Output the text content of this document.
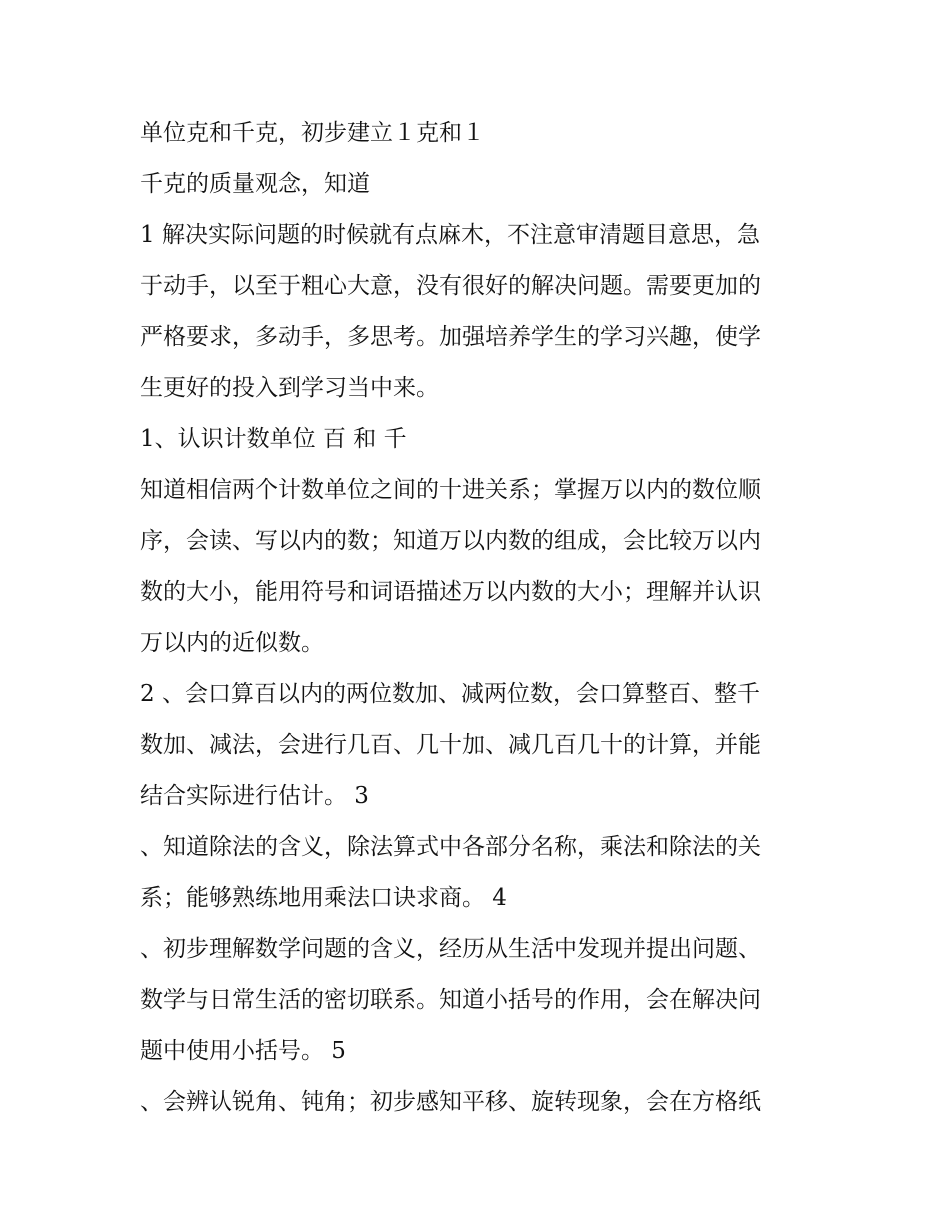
单位克和千克，初步建立１克和１
千克的质量观念，知道
1 解决实际问题的时候就有点麻木，不注意审清题目意思，急
于动手，以至于粗心大意，没有很好的解决问题。需要更加的
严格要求，多动手，多思考。加强培养学生的学习兴趣，使学
生更好的投入到学习当中来。
1、认识计数单位 百 和 千
知道相信两个计数单位之间的十进关系；掌握万以内的数位顺
序，会读、写以内的数；知道万以内数的组成，会比较万以内
数的大小，能用符号和词语描述万以内数的大小；理解并认识
万以内的近似数。
2 、会口算百以内的两位数加、减两位数，会口算整百、整千
数加、减法，会进行几百、几十加、减几百几十的计算，并能
结合实际进行估计。 3
、知道除法的含义，除法算式中各部分名称，乘法和除法的关
系；能够熟练地用乘法口诀求商。 4
、初步理解数学问题的含义，经历从生活中发现并提出问题、
数学与日常生活的密切联系。知道小括号的作用，会在解决问
题中使用小括号。 5
、会辨认锐角、钝角；初步感知平移、旋转现象，会在方格纸
